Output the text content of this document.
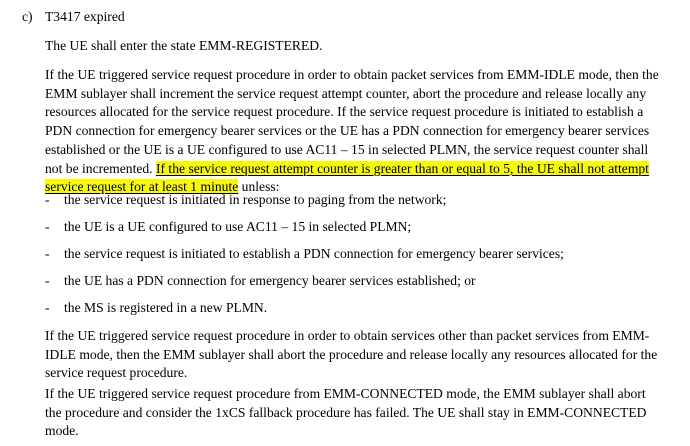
c) T3417 expired
The UE shall enter the state EMM-REGISTERED.
If the UE triggered service request procedure in order to obtain packet services from EMM-IDLE mode, then the
EMM sublayer shall increment the service request attempt counter, abort the procedure and release locally any
resources allocated for the service request procedure. If the service request procedure is initiated to establish a
PDN connection for emergency bearer services or the UE has a PDN connection for emergency bearer services
established or the UE is a UE configured to use AC11 – 15 in selected PLMN, the service request counter shall
not be incremented. If the service request attempt counter is greater than or equal to 5, the UE shall not attempt
service request for at least 1 minute unless:
- the service request is initiated in response to paging from the network;
- the UE is a UE configured to use AC11 – 15 in selected PLMN;
- the service request is initiated to establish a PDN connection for emergency bearer services;
- the UE has a PDN connection for emergency bearer services established; or
- the MS is registered in a new PLMN.
If the UE triggered service request procedure in order to obtain services other than packet services from EMM-
IDLE mode, then the EMM sublayer shall abort the procedure and release locally any resources allocated for the
service request procedure.
If the UE triggered service request procedure from EMM-CONNECTED mode, the EMM sublayer shall abort
the procedure and consider the 1xCS fallback procedure has failed. The UE shall stay in EMM-CONNECTED
mode.
